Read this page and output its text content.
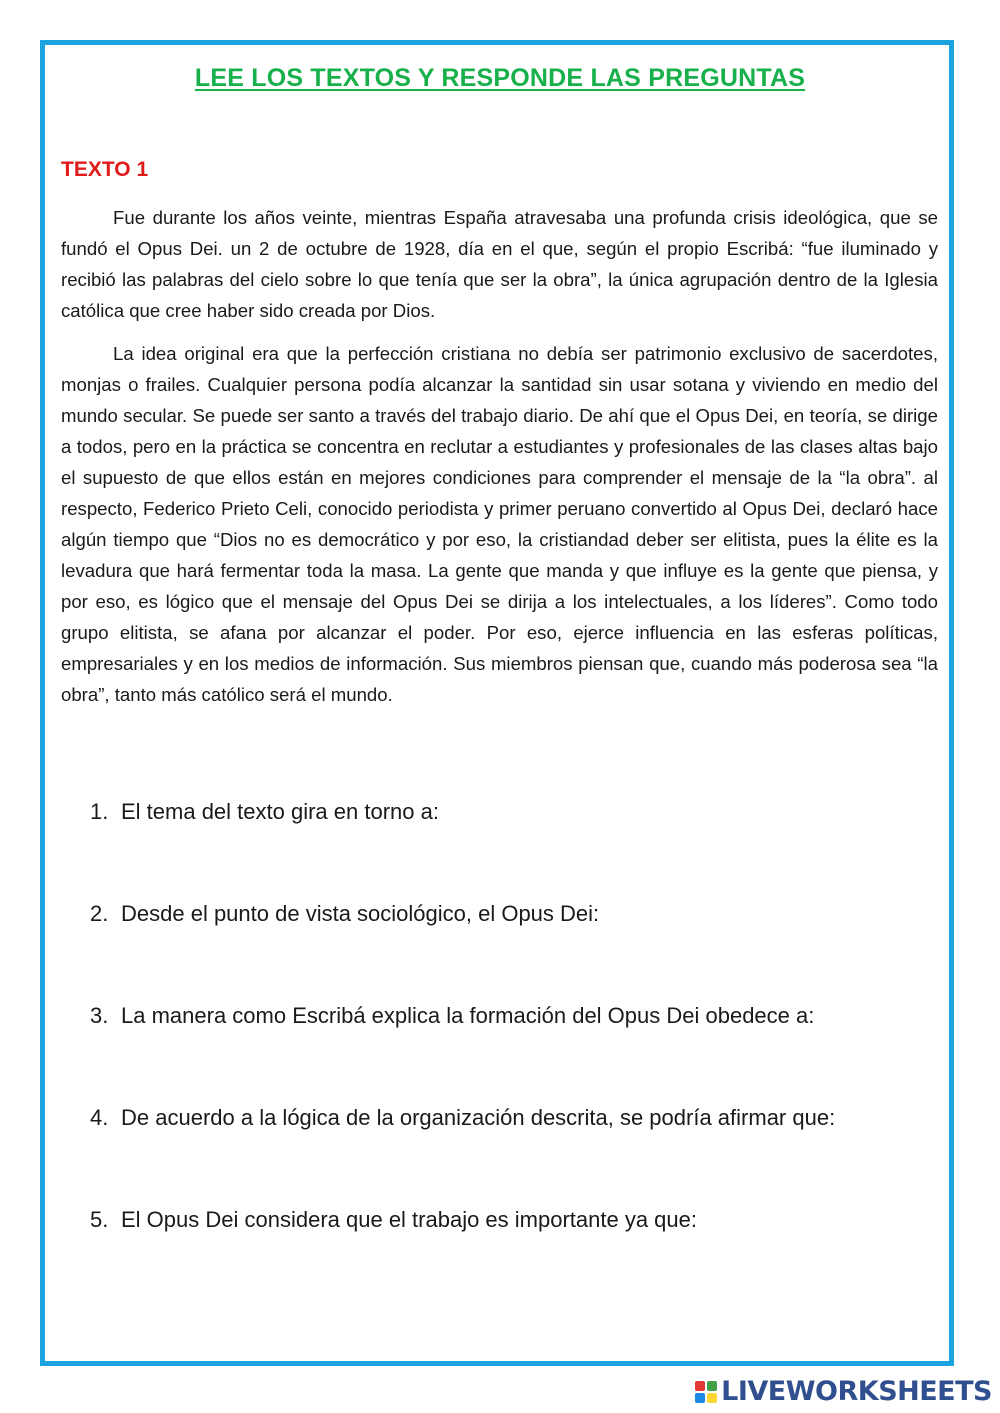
LEE LOS TEXTOS Y RESPONDE LAS PREGUNTAS
TEXTO 1

Fue durante los años veinte, mientras España atravesaba una profunda crisis ideológica, que se fundó el Opus Dei. un 2 de octubre de 1928, día en el que, según el propio Escribá: “fue iluminado y recibió las palabras del cielo sobre lo que tenía que ser la obra”, la única agrupación dentro de la Iglesia católica que cree haber sido creada por Dios.

La idea original era que la perfección cristiana no debía ser patrimonio exclusivo de sacerdotes, monjas o frailes. Cualquier persona podía alcanzar la santidad sin usar sotana y viviendo en medio del mundo secular. Se puede ser santo a través del trabajo diario. De ahí que el Opus Dei, en teoría, se dirige a todos, pero en la práctica se concentra en reclutar a estudiantes y profesionales de las clases altas bajo el supuesto de que ellos están en mejores condiciones para comprender el mensaje de la “la obra”. al respecto, Federico Prieto Celi, conocido periodista y primer peruano convertido al Opus Dei, declaró hace algún tiempo que “Dios no es democrático y por eso, la cristiandad deber ser elitista, pues la élite es la levadura que hará fermentar toda la masa. La gente que manda y que influye es la gente que piensa, y por eso, es lógico que el mensaje del Opus Dei se dirija a los intelectuales, a los líderes”. Como todo grupo elitista, se afana por alcanzar el poder. Por eso, ejerce influencia en las esferas políticas, empresariales y en los medios de información. Sus miembros piensan que, cuando más poderosa sea “la obra”, tanto más católico será el mundo.

1. El tema del texto gira en torno a:
2. Desde el punto de vista sociológico, el Opus Dei:
3. La manera como Escribá explica la formación del Opus Dei obedece a:
4. De acuerdo a la lógica de la organización descrita, se podría afirmar que:
5. El Opus Dei considera que el trabajo es importante ya que:
LIVEWORKSHEETS
